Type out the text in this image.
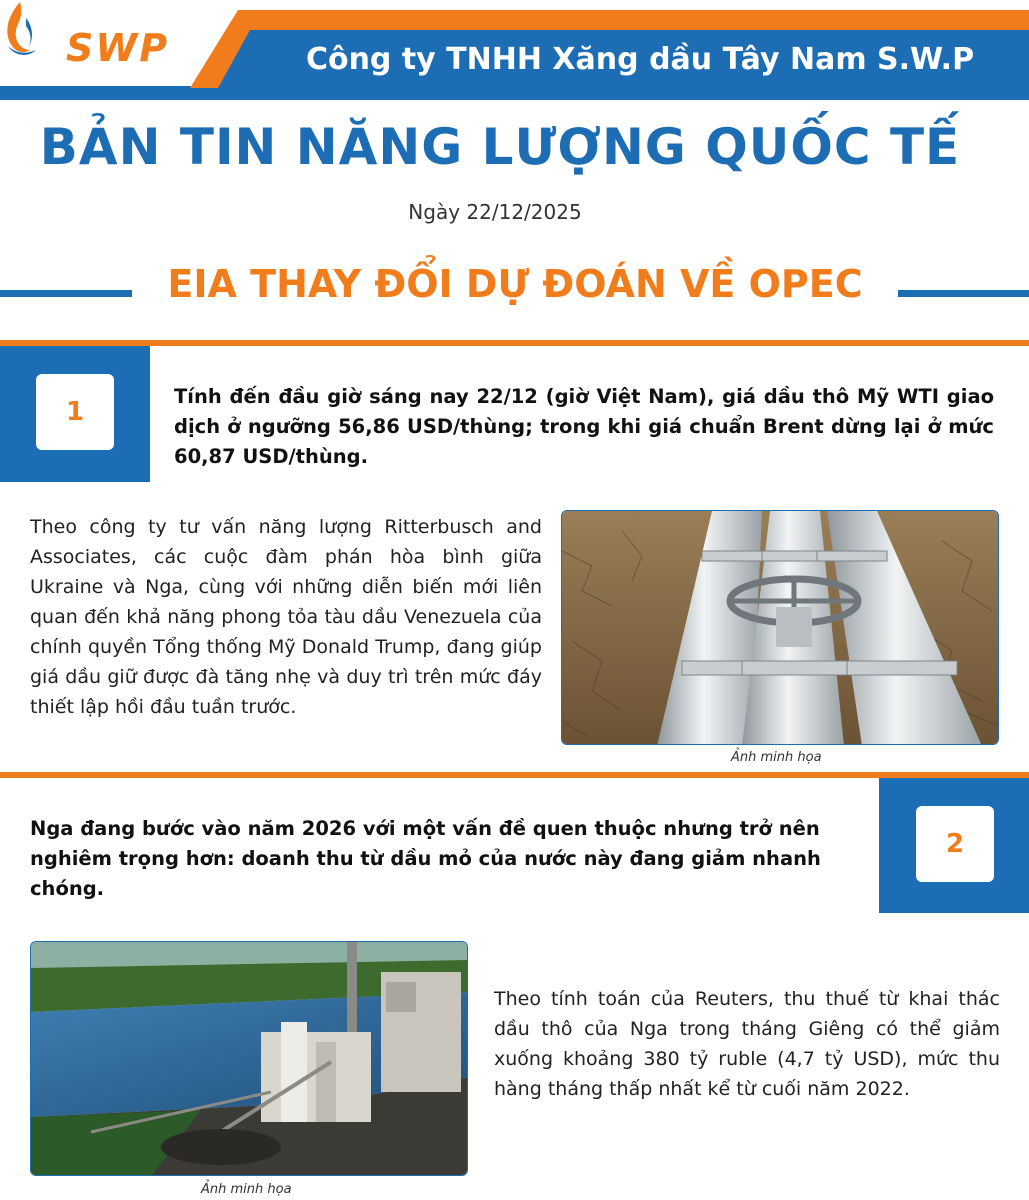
SWP	Công ty TNHH Xăng dầu Tây Nam S.W.P
BẢN TIN NĂNG LƯỢNG QUỐC TẾ
Ngày 22/12/2025
EIA THAY ĐỔI DỰ ĐOÁN VỀ OPEC
1
Tính đến đầu giờ sáng nay 22/12 (giờ Việt Nam), giá dầu thô Mỹ WTI giao dịch ở ngưỡng 56,86 USD/thùng; trong khi giá chuẩn Brent dừng lại ở mức 60,87 USD/thùng.
Theo công ty tư vấn năng lượng Ritterbusch and Associates, các cuộc đàm phán hòa bình giữa Ukraine và Nga, cùng với những diễn biến mới liên quan đến khả năng phong tỏa tàu dầu Venezuela của chính quyền Tổng thống Mỹ Donald Trump, đang giúp giá dầu giữ được đà tăng nhẹ và duy trì trên mức đáy thiết lập hồi đầu tuần trước.
Ảnh minh họa
2
Nga đang bước vào năm 2026 với một vấn đề quen thuộc nhưng trở nên nghiêm trọng hơn: doanh thu từ dầu mỏ của nước này đang giảm nhanh chóng.
Ảnh minh họa
Theo tính toán của Reuters, thu thuế từ khai thác dầu thô của Nga trong tháng Giêng có thể giảm xuống khoảng 380 tỷ ruble (4,7 tỷ USD), mức thu hàng tháng thấp nhất kể từ cuối năm 2022.
